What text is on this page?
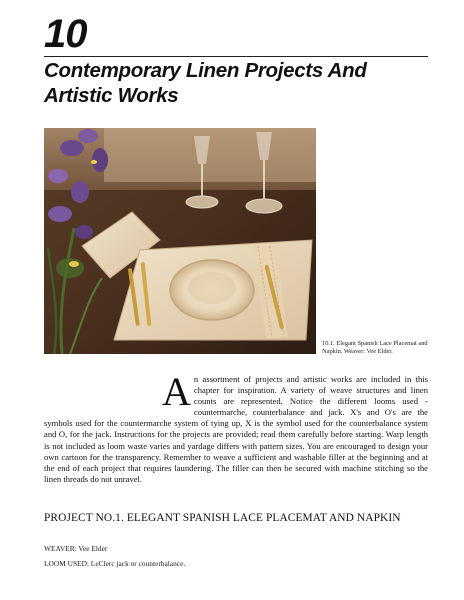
10
Contemporary Linen Projects And Artistic Works
10.1. Elegant Spanish Lace Placemat and Napkin. Weaver: Vee Elder.

An assortment of projects and artistic works are included in this chapter for inspiration. A variety of weave structures and linen counts are represented. Notice the different looms used - countermarche, counterbalance and jack. X's and O's are the symbols used for the countermarche system of tying up, X is the symbol used for the counterbalance system and O, for the jack. Instructions for the projects are provided; read them carefully before starting. Warp length is not included as loom waste varies and yardage differs with pattern sizes. You are encouraged to design your own cartoon for the transparency. Remember to weave a sufficient and washable filler at the beginning and at the end of each project that requires laundering. The filler can then be secured with machine stitching so the linen threads do not unravel.

PROJECT NO.1. ELEGANT SPANISH LACE PLACEMAT AND NAPKIN
WEAVER: Vee Elder
LOOM USED: LeClerc jack or counterbalance.
